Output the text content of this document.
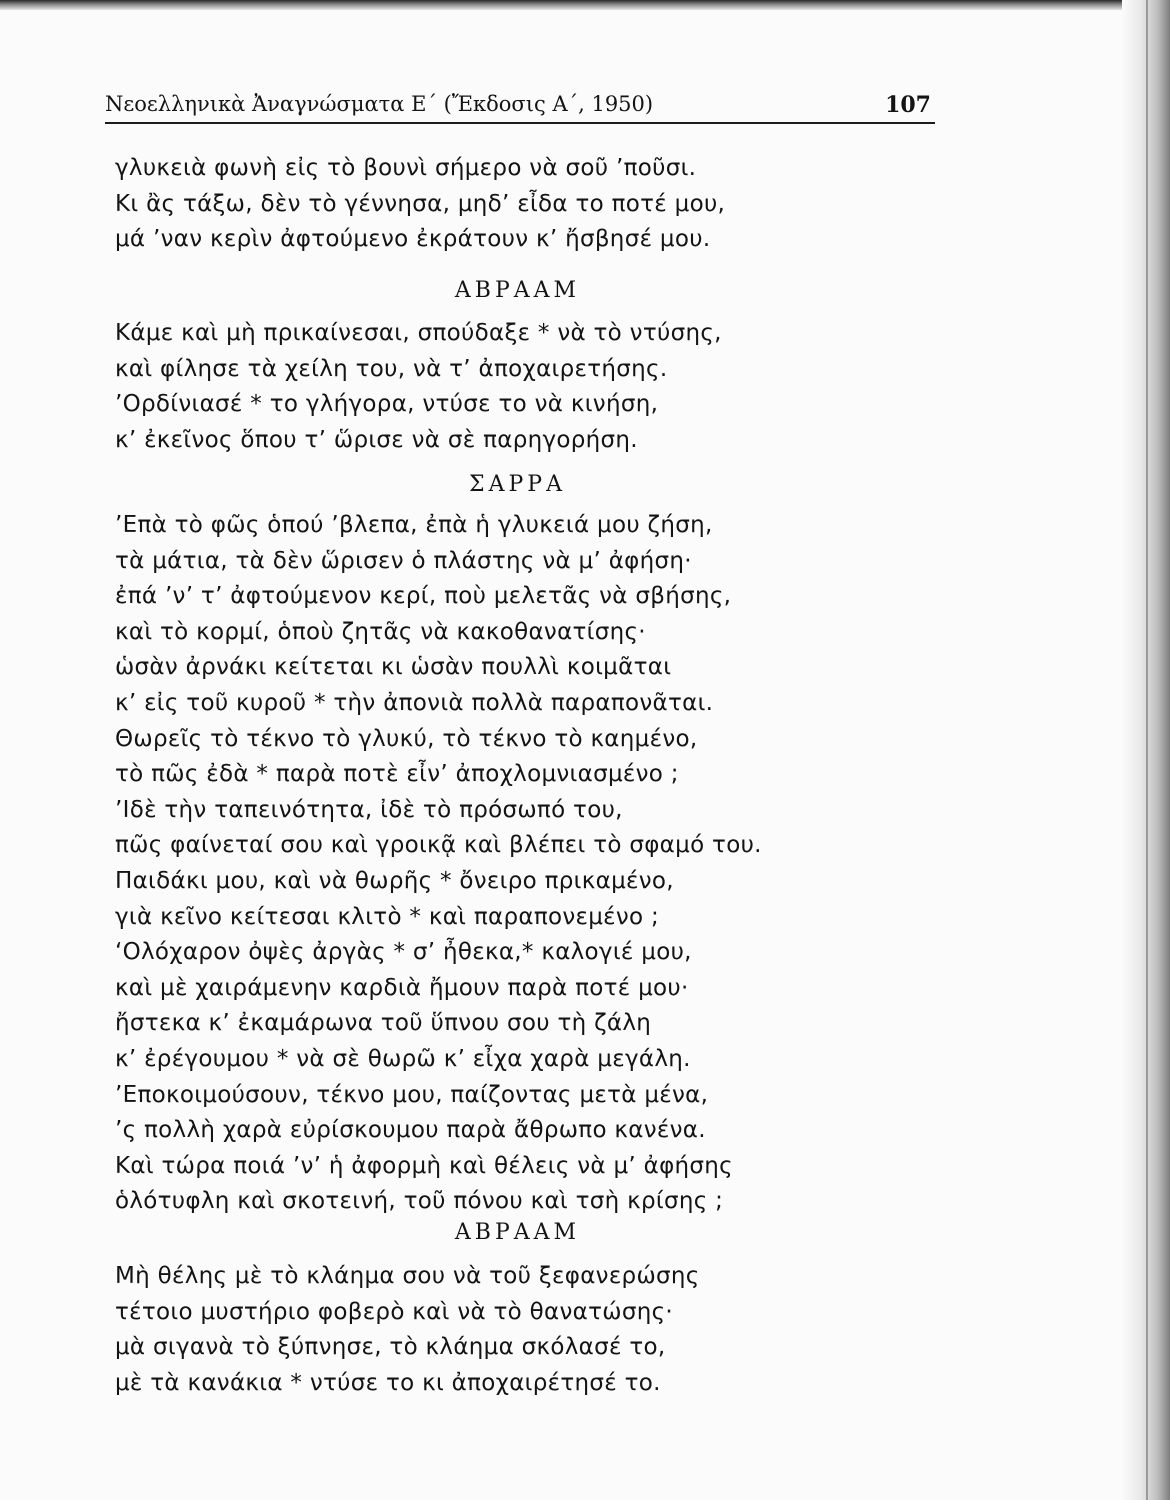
Νεοελληνικὰ Ἀναγνώσματα Ε΄ (Ἔκδοσις Α΄, 1950)	107
γλυκειὰ φωνὴ εἰς τὸ βουνὶ σήμερο νὰ σοῦ ’ποῦσι.
Κι ἂς τάξω, δὲν τὸ γέννησα, μηδ’ εἶδα το ποτέ μου,
μά ’ναν κερὶν ἀφτούμενο ἐκράτουν κ’ ἤσβησέ μου.
ΑΒΡΑΑΜ
Κάμε καὶ μὴ πρικαίνεσαι, σπούδαξε * νὰ τὸ ντύσης,
καὶ φίλησε τὰ χείλη του, νὰ τ’ ἀποχαιρετήσης.
’Ορδίνιασέ * το γλήγορα, ντύσε το νὰ κινήση,
κ’ ἐκεῖνος ὅπου τ’ ὥρισε νὰ σὲ παρηγορήση.
ΣΑΡΡΑ
’Επὰ τὸ φῶς ὁπού ’βλεπα, ἐπὰ ἡ γλυκειά μου ζήση,
τὰ μάτια, τὰ δὲν ὥρισεν ὁ πλάστης νὰ μ’ ἀφήση·
ἐπά ’ν’ τ’ ἀφτούμενον κερί, ποὺ μελετᾶς νὰ σβήσης,
καὶ τὸ κορμί, ὁποὺ ζητᾶς νὰ κακοθανατίσης·
ὡσὰν ἀρνάκι κείτεται κι ὡσὰν πουλλὶ κοιμᾶται
κ’ εἰς τοῦ κυροῦ * τὴν ἀπονιὰ πολλὰ παραπονᾶται.
Θωρεῖς τὸ τέκνο τὸ γλυκύ, τὸ τέκνο τὸ καημένο,
τὸ πῶς ἐδὰ * παρὰ ποτὲ εἶν’ ἀποχλομνιασμένο ;
’Ιδὲ τὴν ταπεινότητα, ἰδὲ τὸ πρόσωπό του,
πῶς φαίνεταί σου καὶ γροικᾷ καὶ βλέπει τὸ σφαμό του.
Παιδάκι μου, καὶ νὰ θωρῆς * ὄνειρο πρικαμένο,
γιὰ κεῖνο κείτεσαι κλιτὸ * καὶ παραπονεμένο ;
‘Ολόχαρον ὀψὲς ἀργὰς * σ’ ἦθεκα,* καλογιέ μου,
καὶ μὲ χαιράμενην καρδιὰ ἤμουν παρὰ ποτέ μου·
ἤστεκα κ’ ἐκαμάρωνα τοῦ ὕπνου σου τὴ ζάλη
κ’ ἐρέγουμου * νὰ σὲ θωρῶ κ’ εἶχα χαρὰ μεγάλη.
’Εποκοιμούσουν, τέκνο μου, παίζοντας μετὰ μένα,
’ς πολλὴ χαρὰ εὐρίσκουμου παρὰ ἄθρωπο κανένα.
Καὶ τώρα ποιά ’ν’ ἡ ἀφορμὴ καὶ θέλεις νὰ μ’ ἀφήσης
ὁλότυφλη καὶ σκοτεινή, τοῦ πόνου καὶ τσὴ κρίσης ;
ΑΒΡΑΑΜ
Μὴ θέλης μὲ τὸ κλάημα σου νὰ τοῦ ξεφανερώσης
τέτοιο μυστήριο φοβερὸ καὶ νὰ τὸ θανατώσης·
μὰ σιγανὰ τὸ ξύπνησε, τὸ κλάημα σκόλασέ το,
μὲ τὰ κανάκια * ντύσε το κι ἀποχαιρέτησέ το.
